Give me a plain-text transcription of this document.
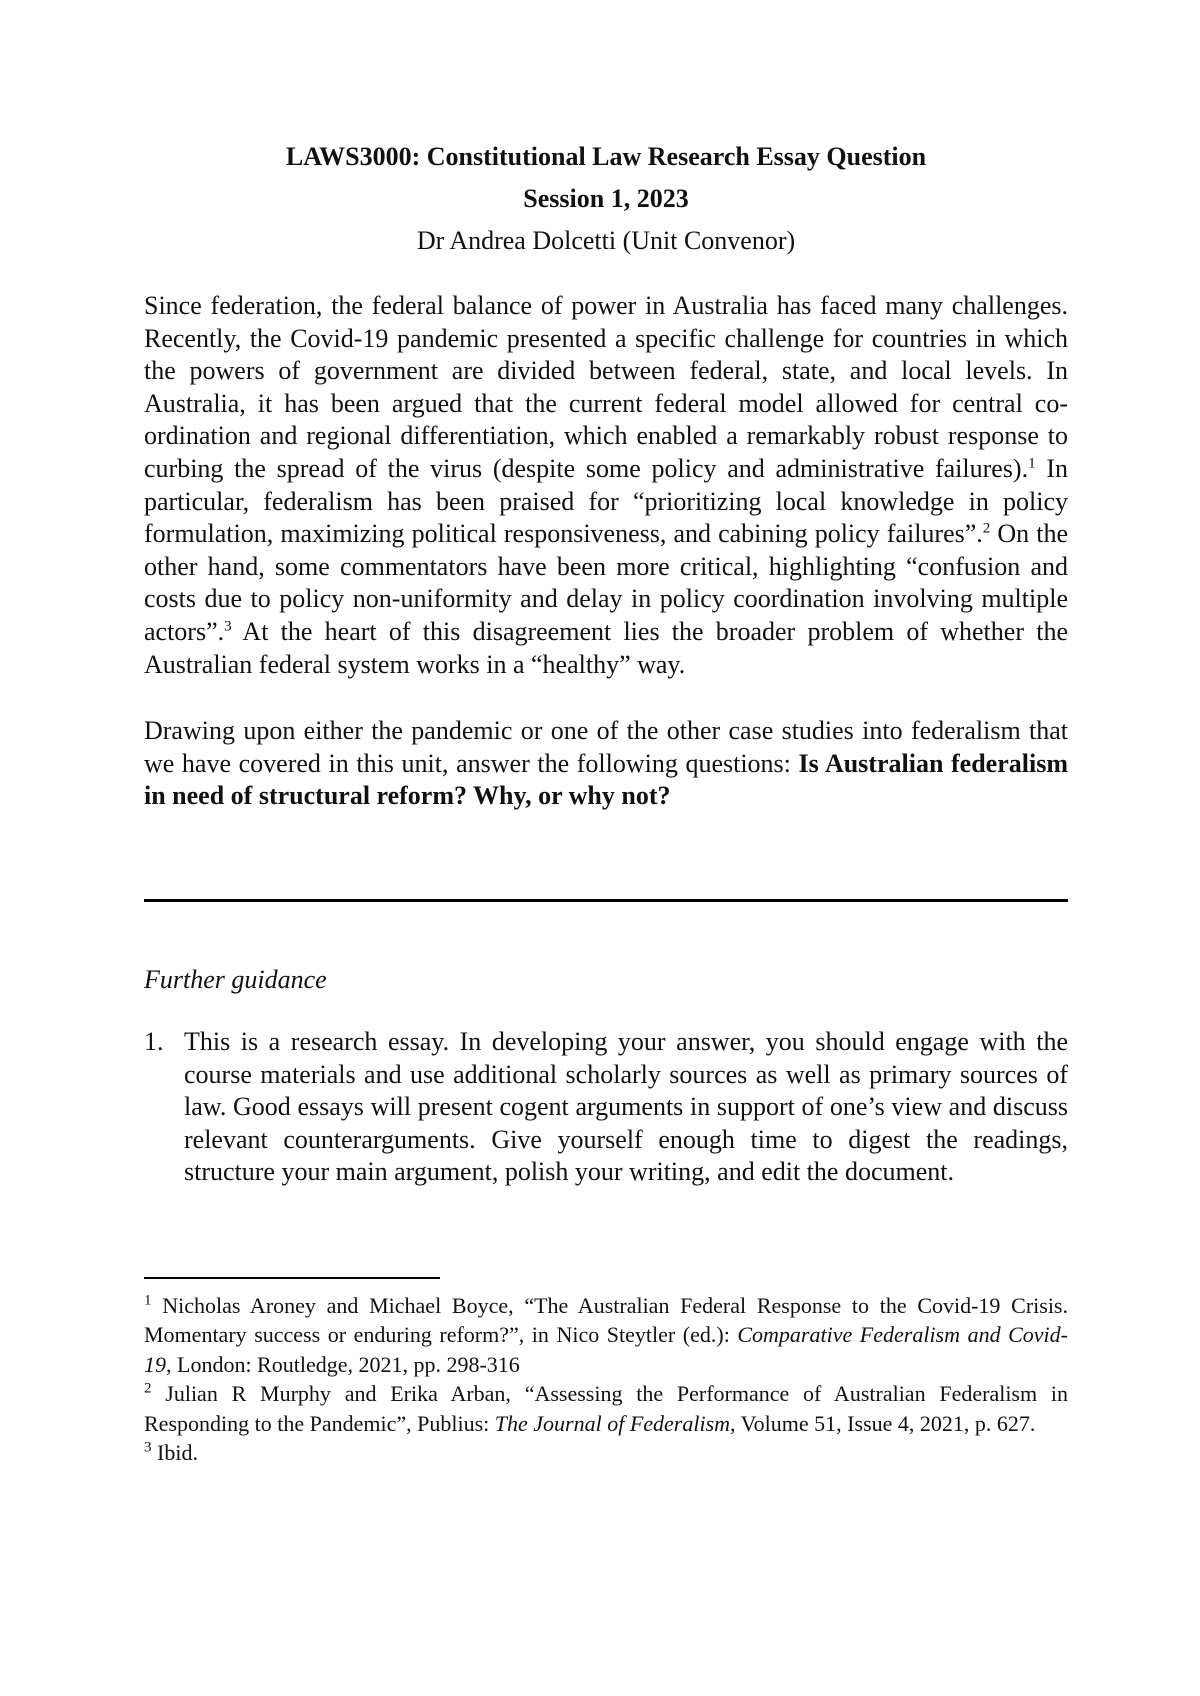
LAWS3000: Constitutional Law Research Essay Question

Session 1, 2023

Dr Andrea Dolcetti (Unit Convenor)

Since federation, the federal balance of power in Australia has faced many challenges. Recently, the Covid-19 pandemic presented a specific challenge for countries in which the powers of government are divided between federal, state, and local levels. In Australia, it has been argued that the current federal model allowed for central co-ordination and regional differentiation, which enabled a remarkably robust response to curbing the spread of the virus (despite some policy and administrative failures).$^1$ In particular, federalism has been praised for “prioritizing local knowledge in policy formulation, maximizing political responsiveness, and cabining policy failures”.$^2$ On the other hand, some commentators have been more critical, highlighting “confusion and costs due to policy non-uniformity and delay in policy coordination involving multiple actors”.$^3$ At the heart of this disagreement lies the broader problem of whether the Australian federal system works in a “healthy” way.

Drawing upon either the pandemic or one of the other case studies into federalism that we have covered in this unit, answer the following questions: Is Australian federalism in need of structural reform? Why, or why not?

Further guidance

1. This is a research essay. In developing your answer, you should engage with the course materials and use additional scholarly sources as well as primary sources of law. Good essays will present cogent arguments in support of one’s view and discuss relevant counterarguments. Give yourself enough time to digest the readings, structure your main argument, polish your writing, and edit the document.

$^1$ Nicholas Aroney and Michael Boyce, “The Australian Federal Response to the Covid-19 Crisis. Momentary success or enduring reform?”, in Nico Steytler (ed.): Comparative Federalism and Covid-19, London: Routledge, 2021, pp. 298-316

$^2$ Julian R Murphy and Erika Arban, “Assessing the Performance of Australian Federalism in Responding to the Pandemic”, Publius: The Journal of Federalism, Volume 51, Issue 4, 2021, p. 627.

$^3$ Ibid.
